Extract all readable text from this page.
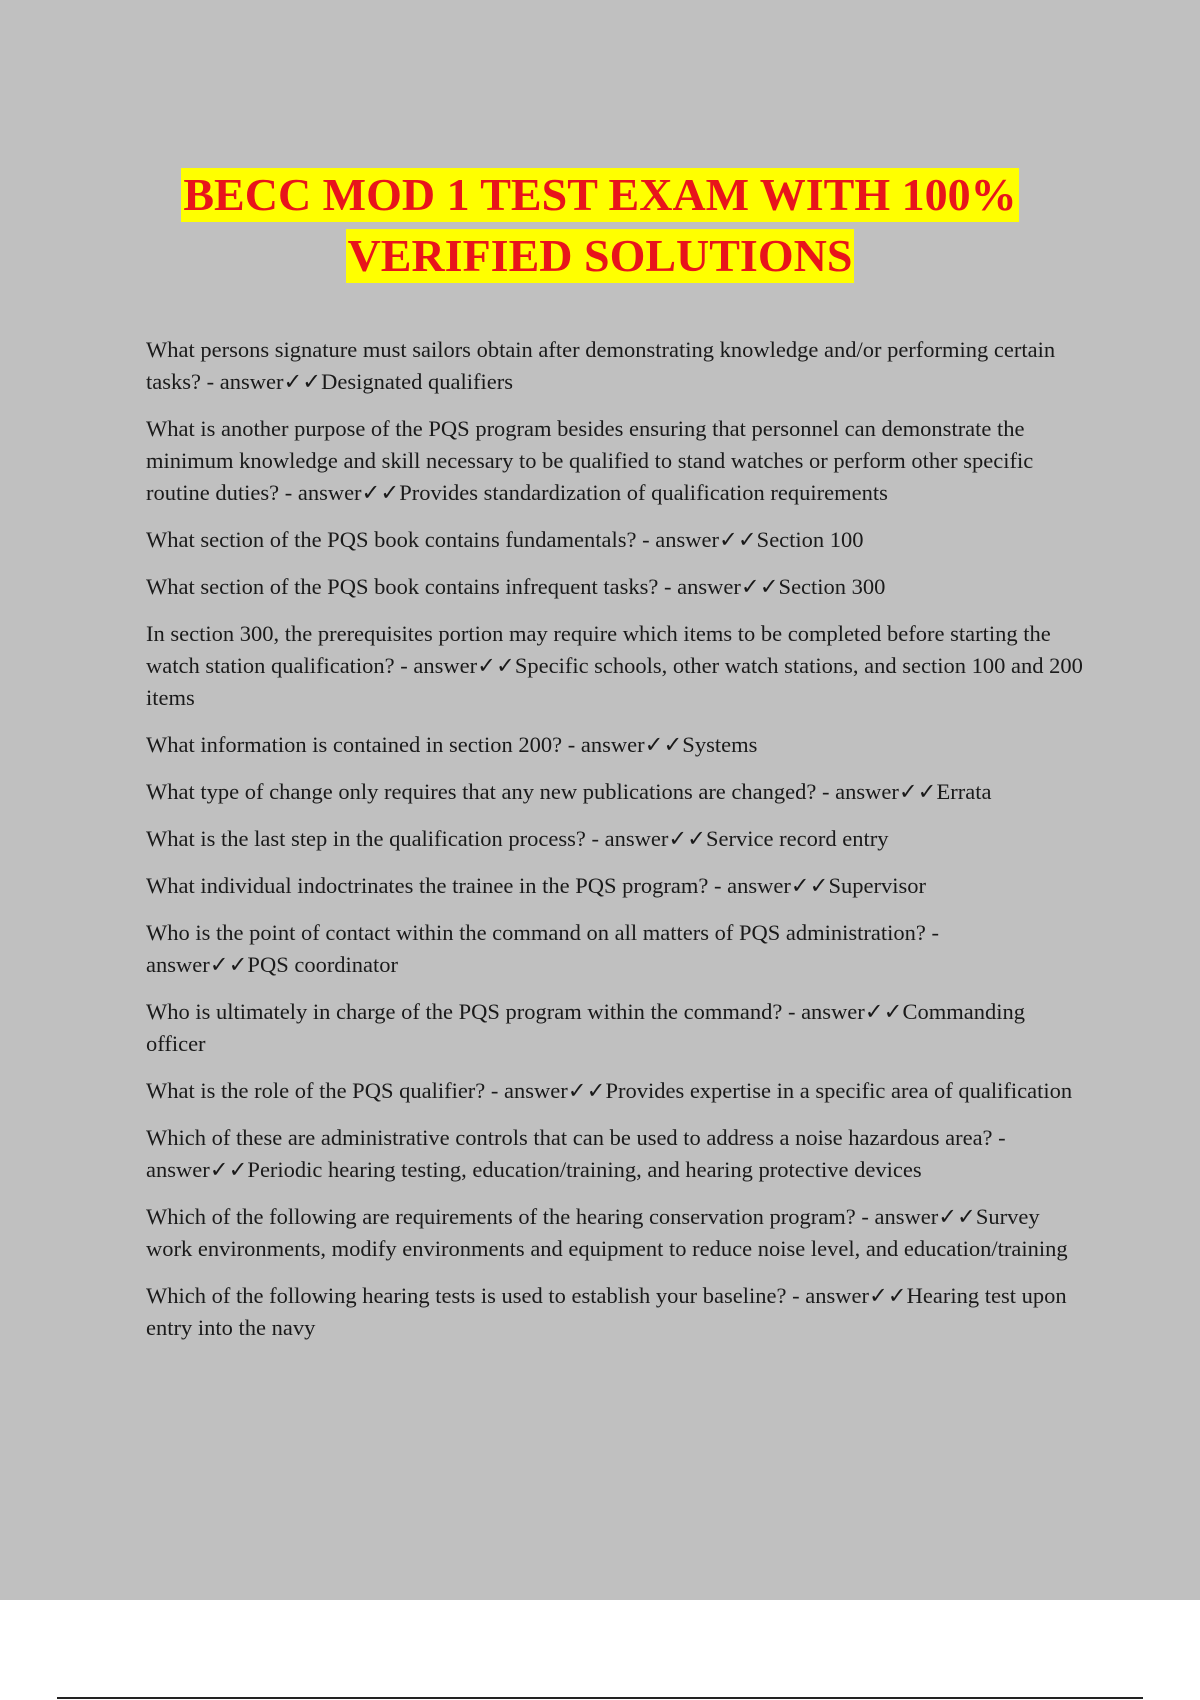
BECC MOD 1 TEST EXAM WITH 100%
VERIFIED SOLUTIONS
What persons signature must sailors obtain after demonstrating knowledge and/or performing certain tasks? - answer✓✓Designated qualifiers
What is another purpose of the PQS program besides ensuring that personnel can demonstrate the minimum knowledge and skill necessary to be qualified to stand watches or perform other specific routine duties? - answer✓✓Provides standardization of qualification requirements
What section of the PQS book contains fundamentals? - answer✓✓Section 100
What section of the PQS book contains infrequent tasks? - answer✓✓Section 300
In section 300, the prerequisites portion may require which items to be completed before starting the watch station qualification? - answer✓✓Specific schools, other watch stations, and section 100 and 200 items
What information is contained in section 200? - answer✓✓Systems
What type of change only requires that any new publications are changed? - answer✓✓Errata
What is the last step in the qualification process? - answer✓✓Service record entry
What individual indoctrinates the trainee in the PQS program? - answer✓✓Supervisor
Who is the point of contact within the command on all matters of PQS administration? - answer✓✓PQS coordinator
Who is ultimately in charge of the PQS program within the command? - answer✓✓Commanding officer
What is the role of the PQS qualifier? - answer✓✓Provides expertise in a specific area of qualification
Which of these are administrative controls that can be used to address a noise hazardous area? - answer✓✓Periodic hearing testing, education/training, and hearing protective devices
Which of the following are requirements of the hearing conservation program? - answer✓✓Survey work environments, modify environments and equipment to reduce noise level, and education/training
Which of the following hearing tests is used to establish your baseline? - answer✓✓Hearing test upon entry into the navy
